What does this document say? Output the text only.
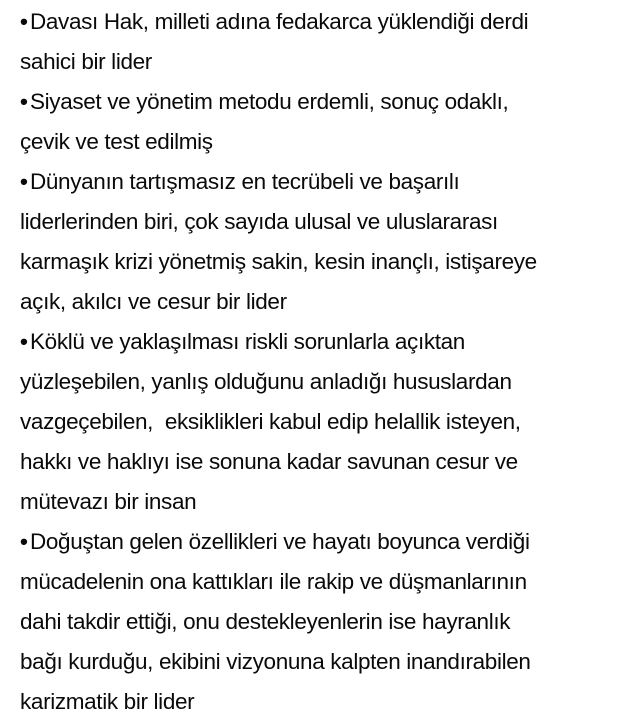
• Davası Hak, milleti adına fedakarca yüklendiği derdi
sahici bir lider
• Siyaset ve yönetim metodu erdemli, sonuç odaklı,
çevik ve test edilmiş
• Dünyanın tartışmasız en tecrübeli ve başarılı
liderlerinden biri, çok sayıda ulusal ve uluslararası
karmaşık krizi yönetmiş sakin, kesin inançlı, istişareye
açık, akılcı ve cesur bir lider
• Köklü ve yaklaşılması riskli sorunlarla açıktan
yüzleşebilen, yanlış olduğunu anladığı hususlardan
vazgeçebilen,  eksiklikleri kabul edip helallik isteyen,
hakkı ve haklıyı ise sonuna kadar savunan cesur ve
mütevazı bir insan
• Doğuştan gelen özellikleri ve hayatı boyunca verdiği
mücadelenin ona kattıkları ile rakip ve düşmanlarının
dahi takdir ettiği, onu destekleyenlerin ise hayranlık
bağı kurduğu, ekibini vizyonuna kalpten inandırabilen
karizmatik bir lider
